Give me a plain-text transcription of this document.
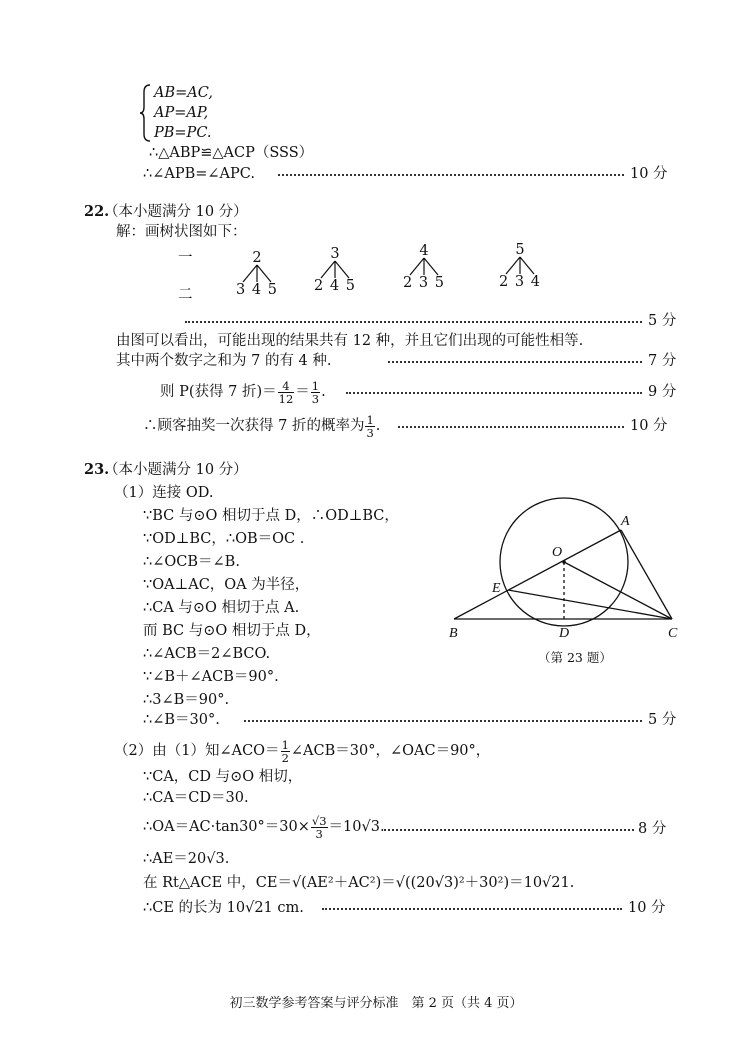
AB=AC,
AP=AP,
PB=PC.
∴△ABP≌△ACP（SSS）
∴∠APB=∠APC.	10 分
22.
（本小题满分 10 分）
解：画树状图如下：
一
二
2
3 4 5
3
2 4 5
4
2 3 5
5
2 3 4
5 分
由图可以看出，可能出现的结果共有 12 种，并且它们出现的可能性相等.
其中两个数字之和为 7 的有 4 种.	7 分
则 P(获得 7 折)＝ $\frac{4}{12} = \frac{1}{3}$ .	9 分
∴顾客抽奖一次获得 7 折的概率为 $\frac{1}{3}$ .	10 分
23.
（本小题满分 10 分）
（1）连接 OD.
∵BC 与⊙O 相切于点 D，∴OD⊥BC，
∵OD⊥BC，∴OB＝OC .
∴∠OCB＝∠B.
∵OA⊥AC，OA 为半径，
∴CA 与⊙O 相切于点 A.
而 BC 与⊙O 相切于点 D，
∴∠ACB＝2∠BCO.
∵∠B＋∠ACB＝90°.
∴3∠B＝90°.
∴∠B＝30°.	5 分
A
O
E
B	D	C
（第 23 题）
（2）由（1）知∠ACO＝ $\frac{1}{2}$ ∠ACB＝30°，∠OAC＝90°，
∵CA，CD 与⊙O 相切，
∴CA＝CD＝30.
∴OA＝AC·tan30°＝30× $\frac{√3}{3} =10√3$.	8 分
∴AE＝20√3.
在 Rt△ACE 中，CE＝√(AE²＋AC²)＝√((20√3)²＋30²)＝10√21.
∴CE 的长为 10√21 cm.	10 分
初三数学参考答案与评分标准　第 2 页（共 4 页）
